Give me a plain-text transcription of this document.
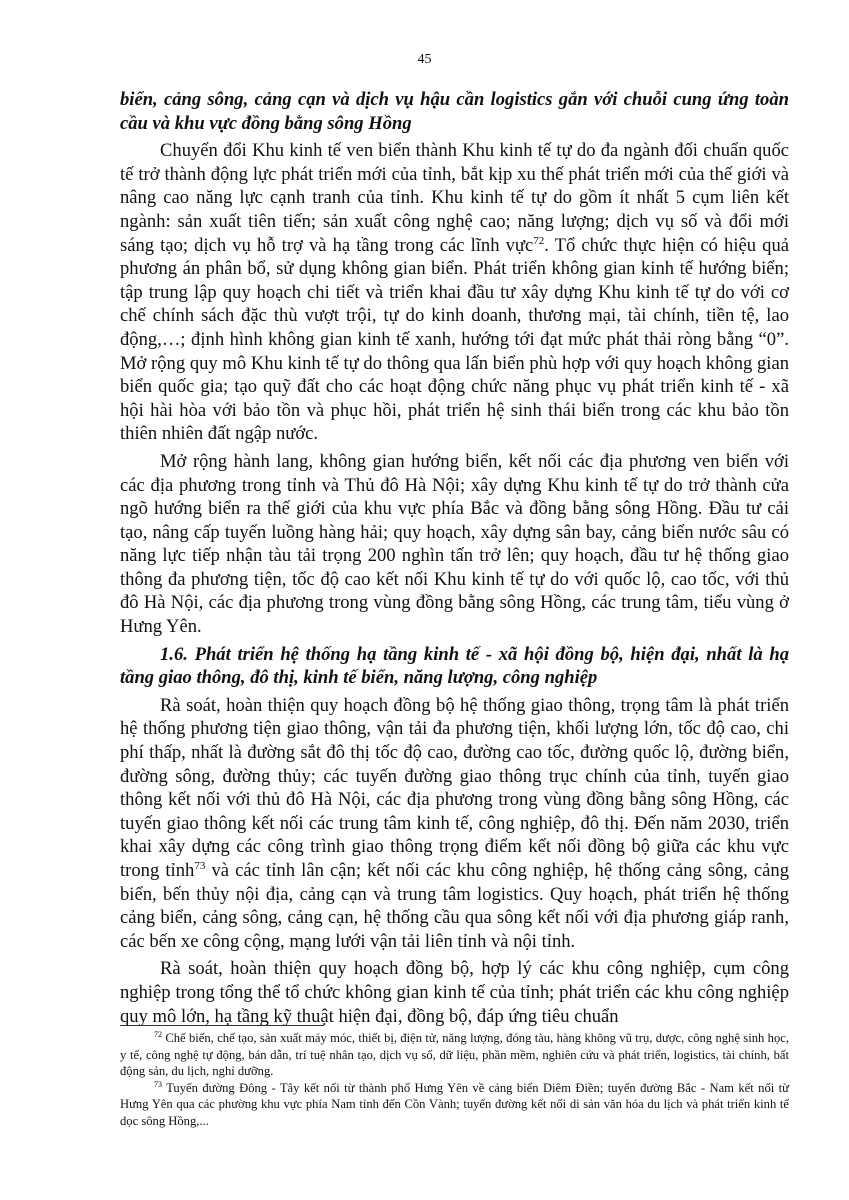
45

biển, cảng sông, cảng cạn và dịch vụ hậu cần logistics gắn với chuỗi cung ứng toàn cầu và khu vực đồng bằng sông Hồng

Chuyển đổi Khu kinh tế ven biển thành Khu kinh tế tự do đa ngành đối chuẩn quốc tế trở thành động lực phát triển mới của tỉnh, bắt kịp xu thế phát triển mới của thế giới và nâng cao năng lực cạnh tranh của tỉnh. Khu kinh tế tự do gồm ít nhất 5 cụm liên kết ngành: sản xuất tiên tiến; sản xuất công nghệ cao; năng lượng; dịch vụ số và đổi mới sáng tạo; dịch vụ hỗ trợ và hạ tầng trong các lĩnh vực$^{72}$. Tổ chức thực hiện có hiệu quả phương án phân bổ, sử dụng không gian biển. Phát triển không gian kinh tế hướng biển; tập trung lập quy hoạch chi tiết và triển khai đầu tư xây dựng Khu kinh tế tự do với cơ chế chính sách đặc thù vượt trội, tự do kinh doanh, thương mại, tài chính, tiền tệ, lao động,…; định hình không gian kinh tế xanh, hướng tới đạt mức phát thải ròng bằng “0”. Mở rộng quy mô Khu kinh tế tự do thông qua lấn biển phù hợp với quy hoạch không gian biển quốc gia; tạo quỹ đất cho các hoạt động chức năng phục vụ phát triển kinh tế - xã hội hài hòa với bảo tồn và phục hồi, phát triển hệ sinh thái biển trong các khu bảo tồn thiên nhiên đất ngập nước.

Mở rộng hành lang, không gian hướng biển, kết nối các địa phương ven biển với các địa phương trong tỉnh và Thủ đô Hà Nội; xây dựng Khu kinh tế tự do trở thành cửa ngõ hướng biển ra thế giới của khu vực phía Bắc và đồng bằng sông Hồng. Đầu tư cải tạo, nâng cấp tuyến luồng hàng hải; quy hoạch, xây dựng sân bay, cảng biển nước sâu có năng lực tiếp nhận tàu tải trọng 200 nghìn tấn trở lên; quy hoạch, đầu tư hệ thống giao thông đa phương tiện, tốc độ cao kết nối Khu kinh tế tự do với quốc lộ, cao tốc, với thủ đô Hà Nội, các địa phương trong vùng đồng bằng sông Hồng, các trung tâm, tiểu vùng ở Hưng Yên.

1.6. Phát triển hệ thống hạ tầng kinh tế - xã hội đồng bộ, hiện đại, nhất là hạ tầng giao thông, đô thị, kinh tế biển, năng lượng, công nghiệp

Rà soát, hoàn thiện quy hoạch đồng bộ hệ thống giao thông, trọng tâm là phát triển hệ thống phương tiện giao thông, vận tải đa phương tiện, khối lượng lớn, tốc độ cao, chi phí thấp, nhất là đường sắt đô thị tốc độ cao, đường cao tốc, đường quốc lộ, đường biển, đường sông, đường thủy; các tuyến đường giao thông trục chính của tỉnh, tuyến giao thông kết nối với thủ đô Hà Nội, các địa phương trong vùng đồng bằng sông Hồng, các tuyến giao thông kết nối các trung tâm kinh tế, công nghiệp, đô thị. Đến năm 2030, triển khai xây dựng các công trình giao thông trọng điểm kết nối đồng bộ giữa các khu vực trong tỉnh$^{73}$ và các tỉnh lân cận; kết nối các khu công nghiệp, hệ thống cảng sông, cảng biển, bến thủy nội địa, cảng cạn và trung tâm logistics. Quy hoạch, phát triển hệ thống cảng biển, cảng sông, cảng cạn, hệ thống cầu qua sông kết nối với địa phương giáp ranh, các bến xe công cộng, mạng lưới vận tải liên tỉnh và nội tỉnh.

Rà soát, hoàn thiện quy hoạch đồng bộ, hợp lý các khu công nghiệp, cụm công nghiệp trong tổng thể tổ chức không gian kinh tế của tỉnh; phát triển các khu công nghiệp quy mô lớn, hạ tầng kỹ thuật hiện đại, đồng bộ, đáp ứng tiêu chuẩn

$^{72}$ Chế biến, chế tạo, sản xuất máy móc, thiết bị, điện tử, năng lượng, đóng tàu, hàng không vũ trụ, dược, công nghệ sinh học, y tế, công nghệ tự động, bán dẫn, trí tuệ nhân tạo, dịch vụ số, dữ liệu, phần mềm, nghiên cứu và phát triển, logistics, tài chính, bất động sản, du lịch, nghỉ dưỡng.

$^{73}$ Tuyến đường Đông - Tây kết nối từ thành phố Hưng Yên về cảng biển Diêm Điền; tuyến đường Bắc - Nam kết nối từ Hưng Yên qua các phường khu vực phía Nam tỉnh đến Cồn Vành; tuyến đường kết nối di sản văn hóa du lịch và phát triển kinh tế dọc sông Hồng,...
